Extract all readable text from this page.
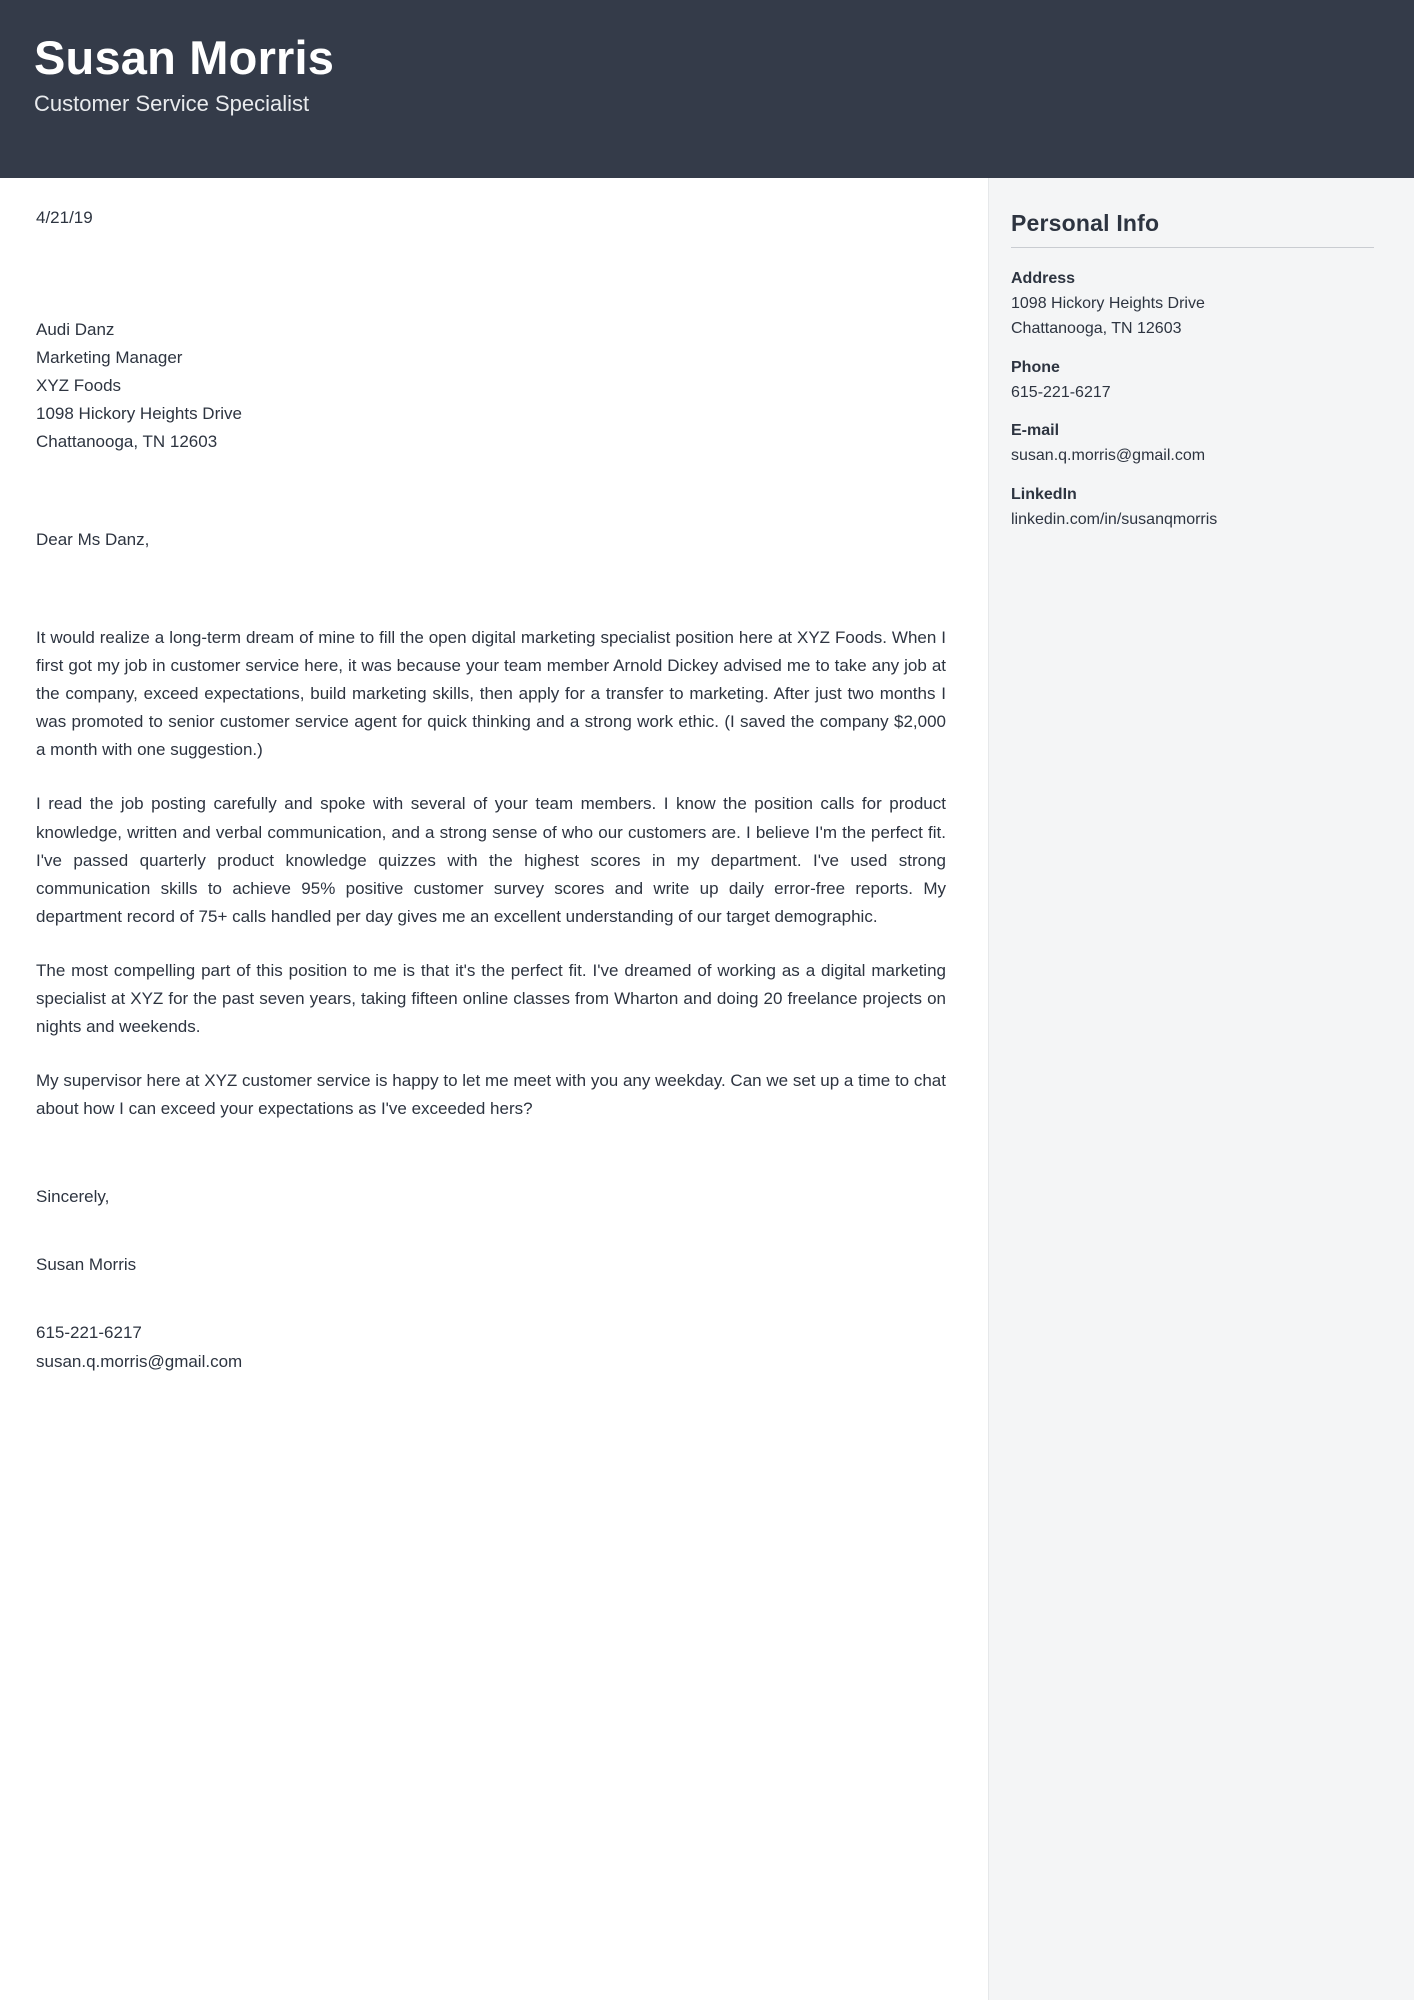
Susan Morris

Customer Service Specialist

4/21/19
Audi Danz
Marketing Manager
XYZ Foods
1098 Hickory Heights Drive
Chattanooga, TN 12603
Dear Ms Danz,

It would realize a long-term dream of mine to fill the open digital marketing specialist position here at XYZ Foods. When I first got my job in customer service here, it was because your team member Arnold Dickey advised me to take any job at the company, exceed expectations, build marketing skills, then apply for a transfer to marketing. After just two months I was promoted to senior customer service agent for quick thinking and a strong work ethic. (I saved the company $2,000 a month with one suggestion.)

I read the job posting carefully and spoke with several of your team members. I know the position calls for product knowledge, written and verbal communication, and a strong sense of who our customers are. I believe I'm the perfect fit. I've passed quarterly product knowledge quizzes with the highest scores in my department. I've used strong communication skills to achieve 95% positive customer survey scores and write up daily error-free reports. My department record of 75+ calls handled per day gives me an excellent understanding of our target demographic.

The most compelling part of this position to me is that it's the perfect fit. I've dreamed of working as a digital marketing specialist at XYZ for the past seven years, taking fifteen online classes from Wharton and doing 20 freelance projects on nights and weekends.

My supervisor here at XYZ customer service is happy to let me meet with you any weekday. Can we set up a time to chat about how I can exceed your expectations as I've exceeded hers?

Sincerely,
Susan Morris
615-221-6217
susan.q.morris@gmail.com
Personal Info
Address
1098 Hickory Heights Drive
Chattanooga, TN 12603
Phone
615-221-6217
E-mail
susan.q.morris@gmail.com
LinkedIn
linkedin.com/in/susanqmorris
